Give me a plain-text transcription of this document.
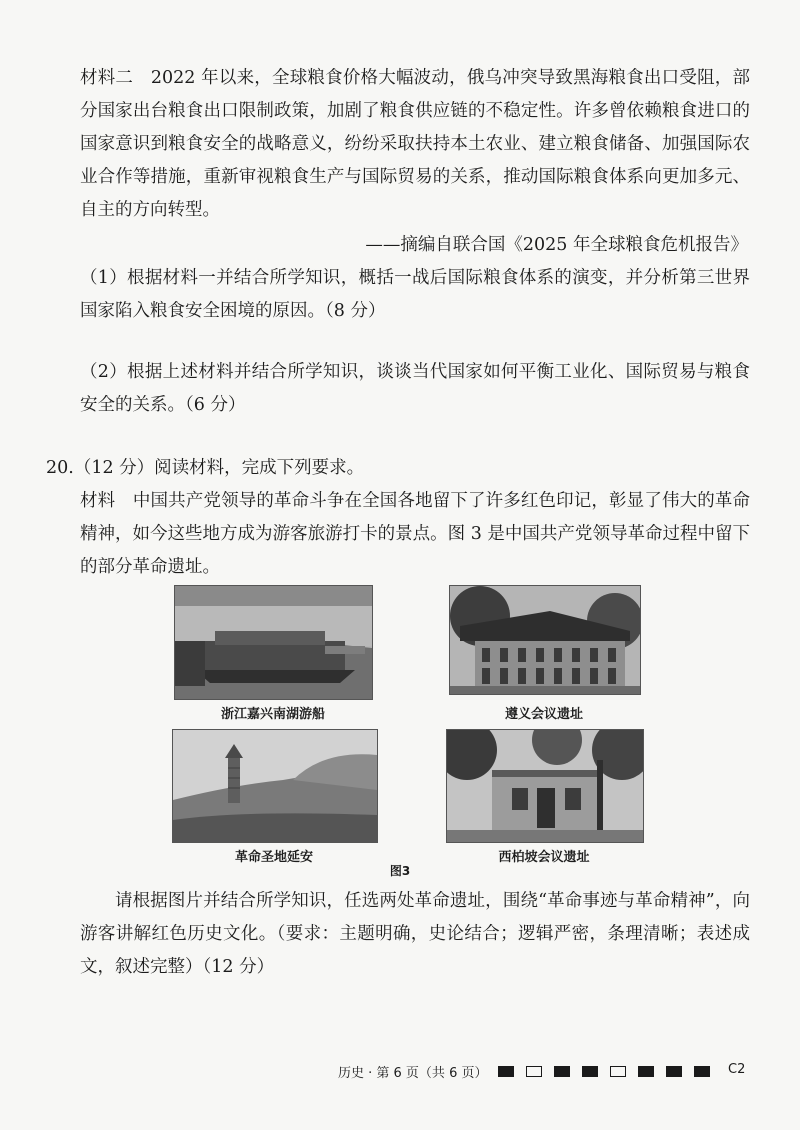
材料二　2022 年以来，全球粮食价格大幅波动，俄乌冲突导致黑海粮食出口受阻，部分国家出台粮食出口限制政策，加剧了粮食供应链的不稳定性。许多曾依赖粮食进口的国家意识到粮食安全的战略意义，纷纷采取扶持本土农业、建立粮食储备、加强国际农业合作等措施，重新审视粮食生产与国际贸易的关系，推动国际粮食体系向更加多元、自主的方向转型。

——摘编自联合国《2025 年全球粮食危机报告》

（1）根据材料一并结合所学知识，概括一战后国际粮食体系的演变，并分析第三世界国家陷入粮食安全困境的原因。（8 分）

（2）根据上述材料并结合所学知识，谈谈当代国家如何平衡工业化、国际贸易与粮食安全的关系。（6 分）

20.（12 分）阅读材料，完成下列要求。

材料　中国共产党领导的革命斗争在全国各地留下了许多红色印记，彰显了伟大的革命精神，如今这些地方成为游客旅游打卡的景点。图 3 是中国共产党领导革命过程中留下的部分革命遗址。

浙江嘉兴南湖游船	遵义会议遗址
革命圣地延安	西柏坡会议遗址
图3

请根据图片并结合所学知识，任选两处革命遗址，围绕“革命事迹与革命精神”，向游客讲解红色历史文化。（要求：主题明确，史论结合；逻辑严密，条理清晰；表述成文，叙述完整）（12 分）

历史 · 第 6 页（共 6 页）	C2
